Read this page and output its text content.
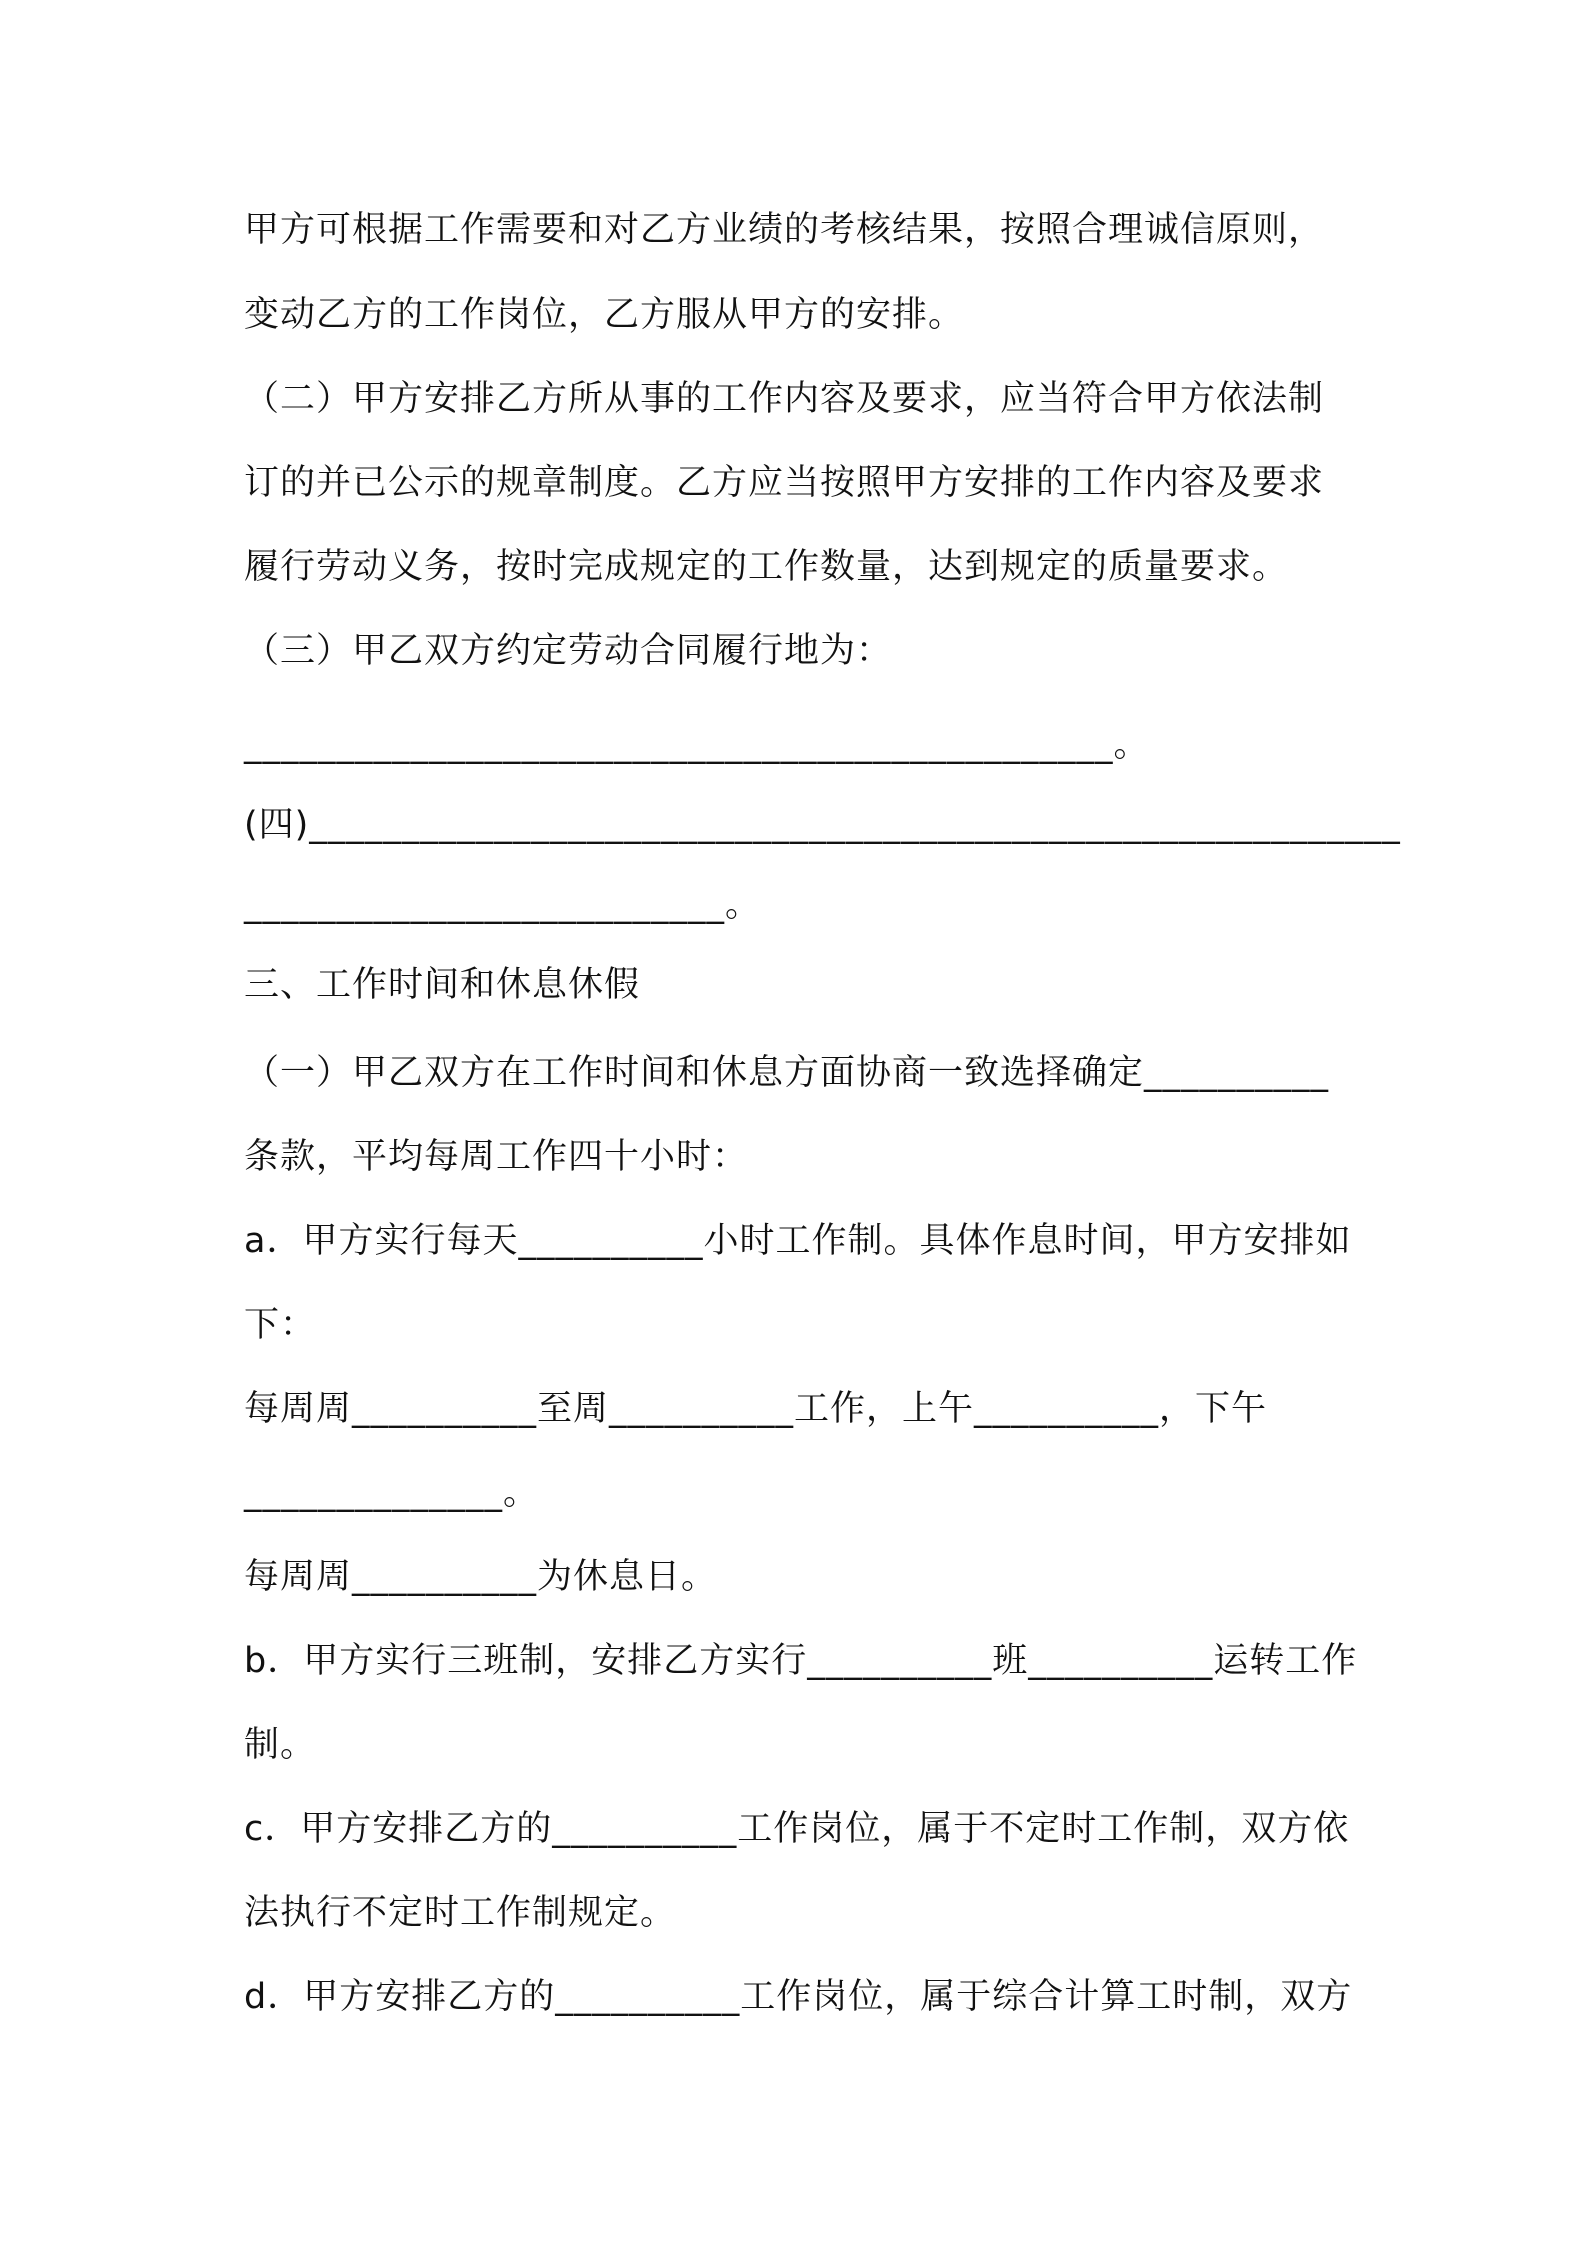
甲方可根据工作需要和对乙方业绩的考核结果，按照合理诚信原则，
变动乙方的工作岗位，乙方服从甲方的安排。
（二）甲方安排乙方所从事的工作内容及要求，应当符合甲方依法制
订的并已公示的规章制度。乙方应当按照甲方安排的工作内容及要求
履行劳动义务，按时完成规定的工作数量，达到规定的质量要求。
（三）甲乙双方约定劳动合同履行地为：
_______________________________________________。
(四)___________________________________________________________
__________________________。
三、工作时间和休息休假
（一）甲乙双方在工作时间和休息方面协商一致选择确定__________
条款，平均每周工作四十小时：
a．甲方实行每天__________小时工作制。具体作息时间，甲方安排如
下：
每周周__________至周__________工作，上午__________，下午
______________。
每周周__________为休息日。
b．甲方实行三班制，安排乙方实行__________班__________运转工作
制。
c．甲方安排乙方的__________工作岗位，属于不定时工作制，双方依
法执行不定时工作制规定。
d．甲方安排乙方的__________工作岗位，属于综合计算工时制，双方
